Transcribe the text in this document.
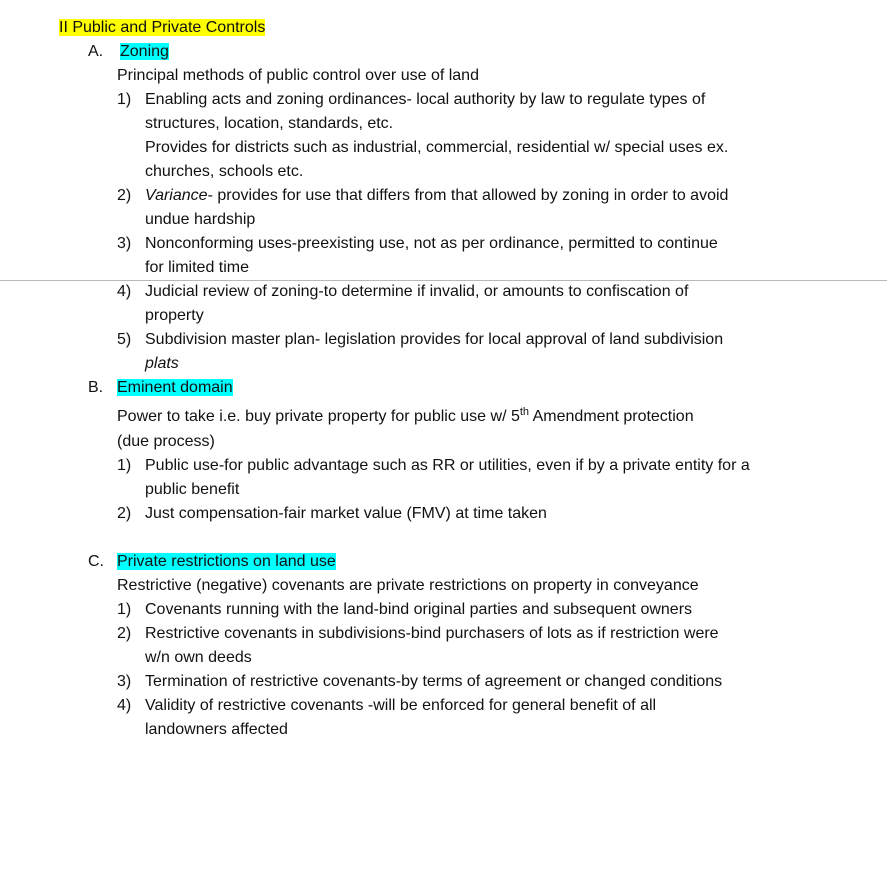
II Public and Private Controls
A. Zoning
Principal methods of public control over use of land
1) Enabling acts and zoning ordinances- local authority by law to regulate types of
structures, location, standards, etc.
Provides for districts such as industrial, commercial, residential w/ special uses ex.
churches, schools etc.
2) Variance- provides for use that differs from that allowed by zoning in order to avoid
undue hardship
3) Nonconforming uses-preexisting use, not as per ordinance, permitted to continue
for limited time
4) Judicial review of zoning-to determine if invalid, or amounts to confiscation of
property
5) Subdivision master plan- legislation provides for local approval of land subdivision
plats
B. Eminent domain
Power to take i.e. buy private property for public use w/ 5th Amendment protection
(due process)
1) Public use-for public advantage such as RR or utilities, even if by a private entity for a
public benefit
2) Just compensation-fair market value (FMV) at time taken
C. Private restrictions on land use
Restrictive (negative) covenants are private restrictions on property in conveyance
1) Covenants running with the land-bind original parties and subsequent owners
2) Restrictive covenants in subdivisions-bind purchasers of lots as if restriction were
w/n own deeds
3) Termination of restrictive covenants-by terms of agreement or changed conditions
4) Validity of restrictive covenants -will be enforced for general benefit of all
landowners affected
